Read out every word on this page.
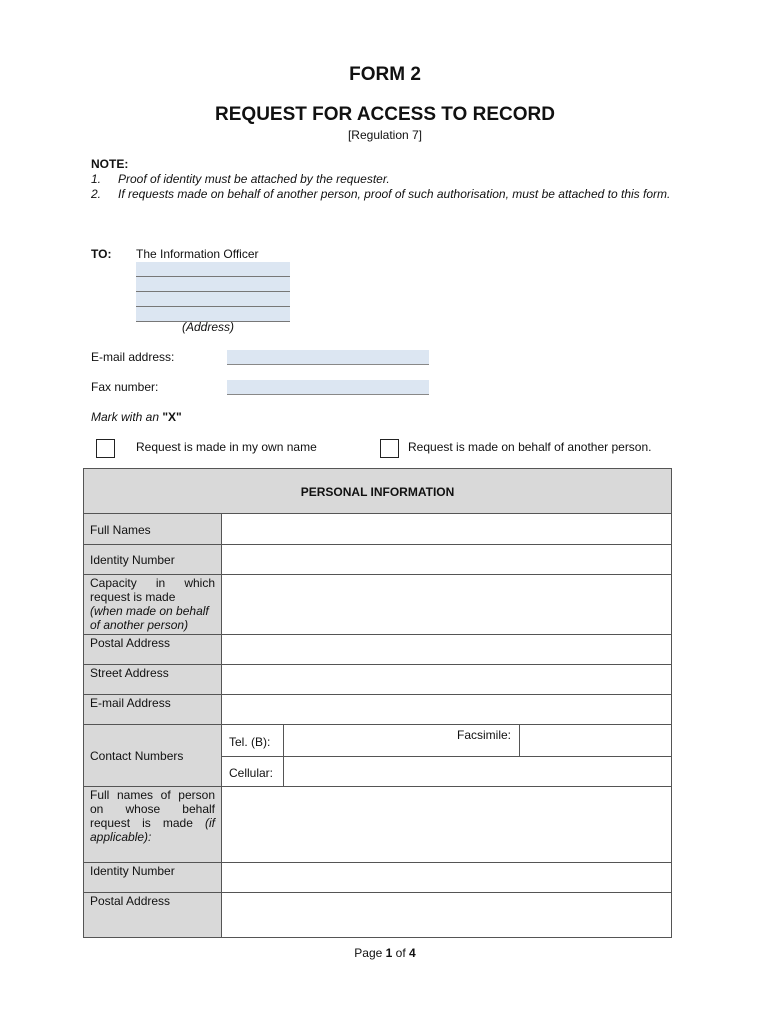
FORM 2
REQUEST FOR ACCESS TO RECORD
[Regulation 7]
NOTE:
1. Proof of identity must be attached by the requester.
2. If requests made on behalf of another person, proof of such authorisation, must be attached to this form.
TO: The Information Officer
(Address)
E-mail address:
Fax number:
Mark with an "X"
Request is made in my own name	Request is made on behalf of another person.
PERSONAL INFORMATION
Full Names
Identity Number
Capacity in which request is made
(when made on behalf of another person)
Postal Address
Street Address
E-mail Address
Contact Numbers
Full names of person on whose behalf request is made (if applicable):
Identity Number
Postal Address
Tel. (B):	Facsimile:
Cellular:
Page 1 of 4
